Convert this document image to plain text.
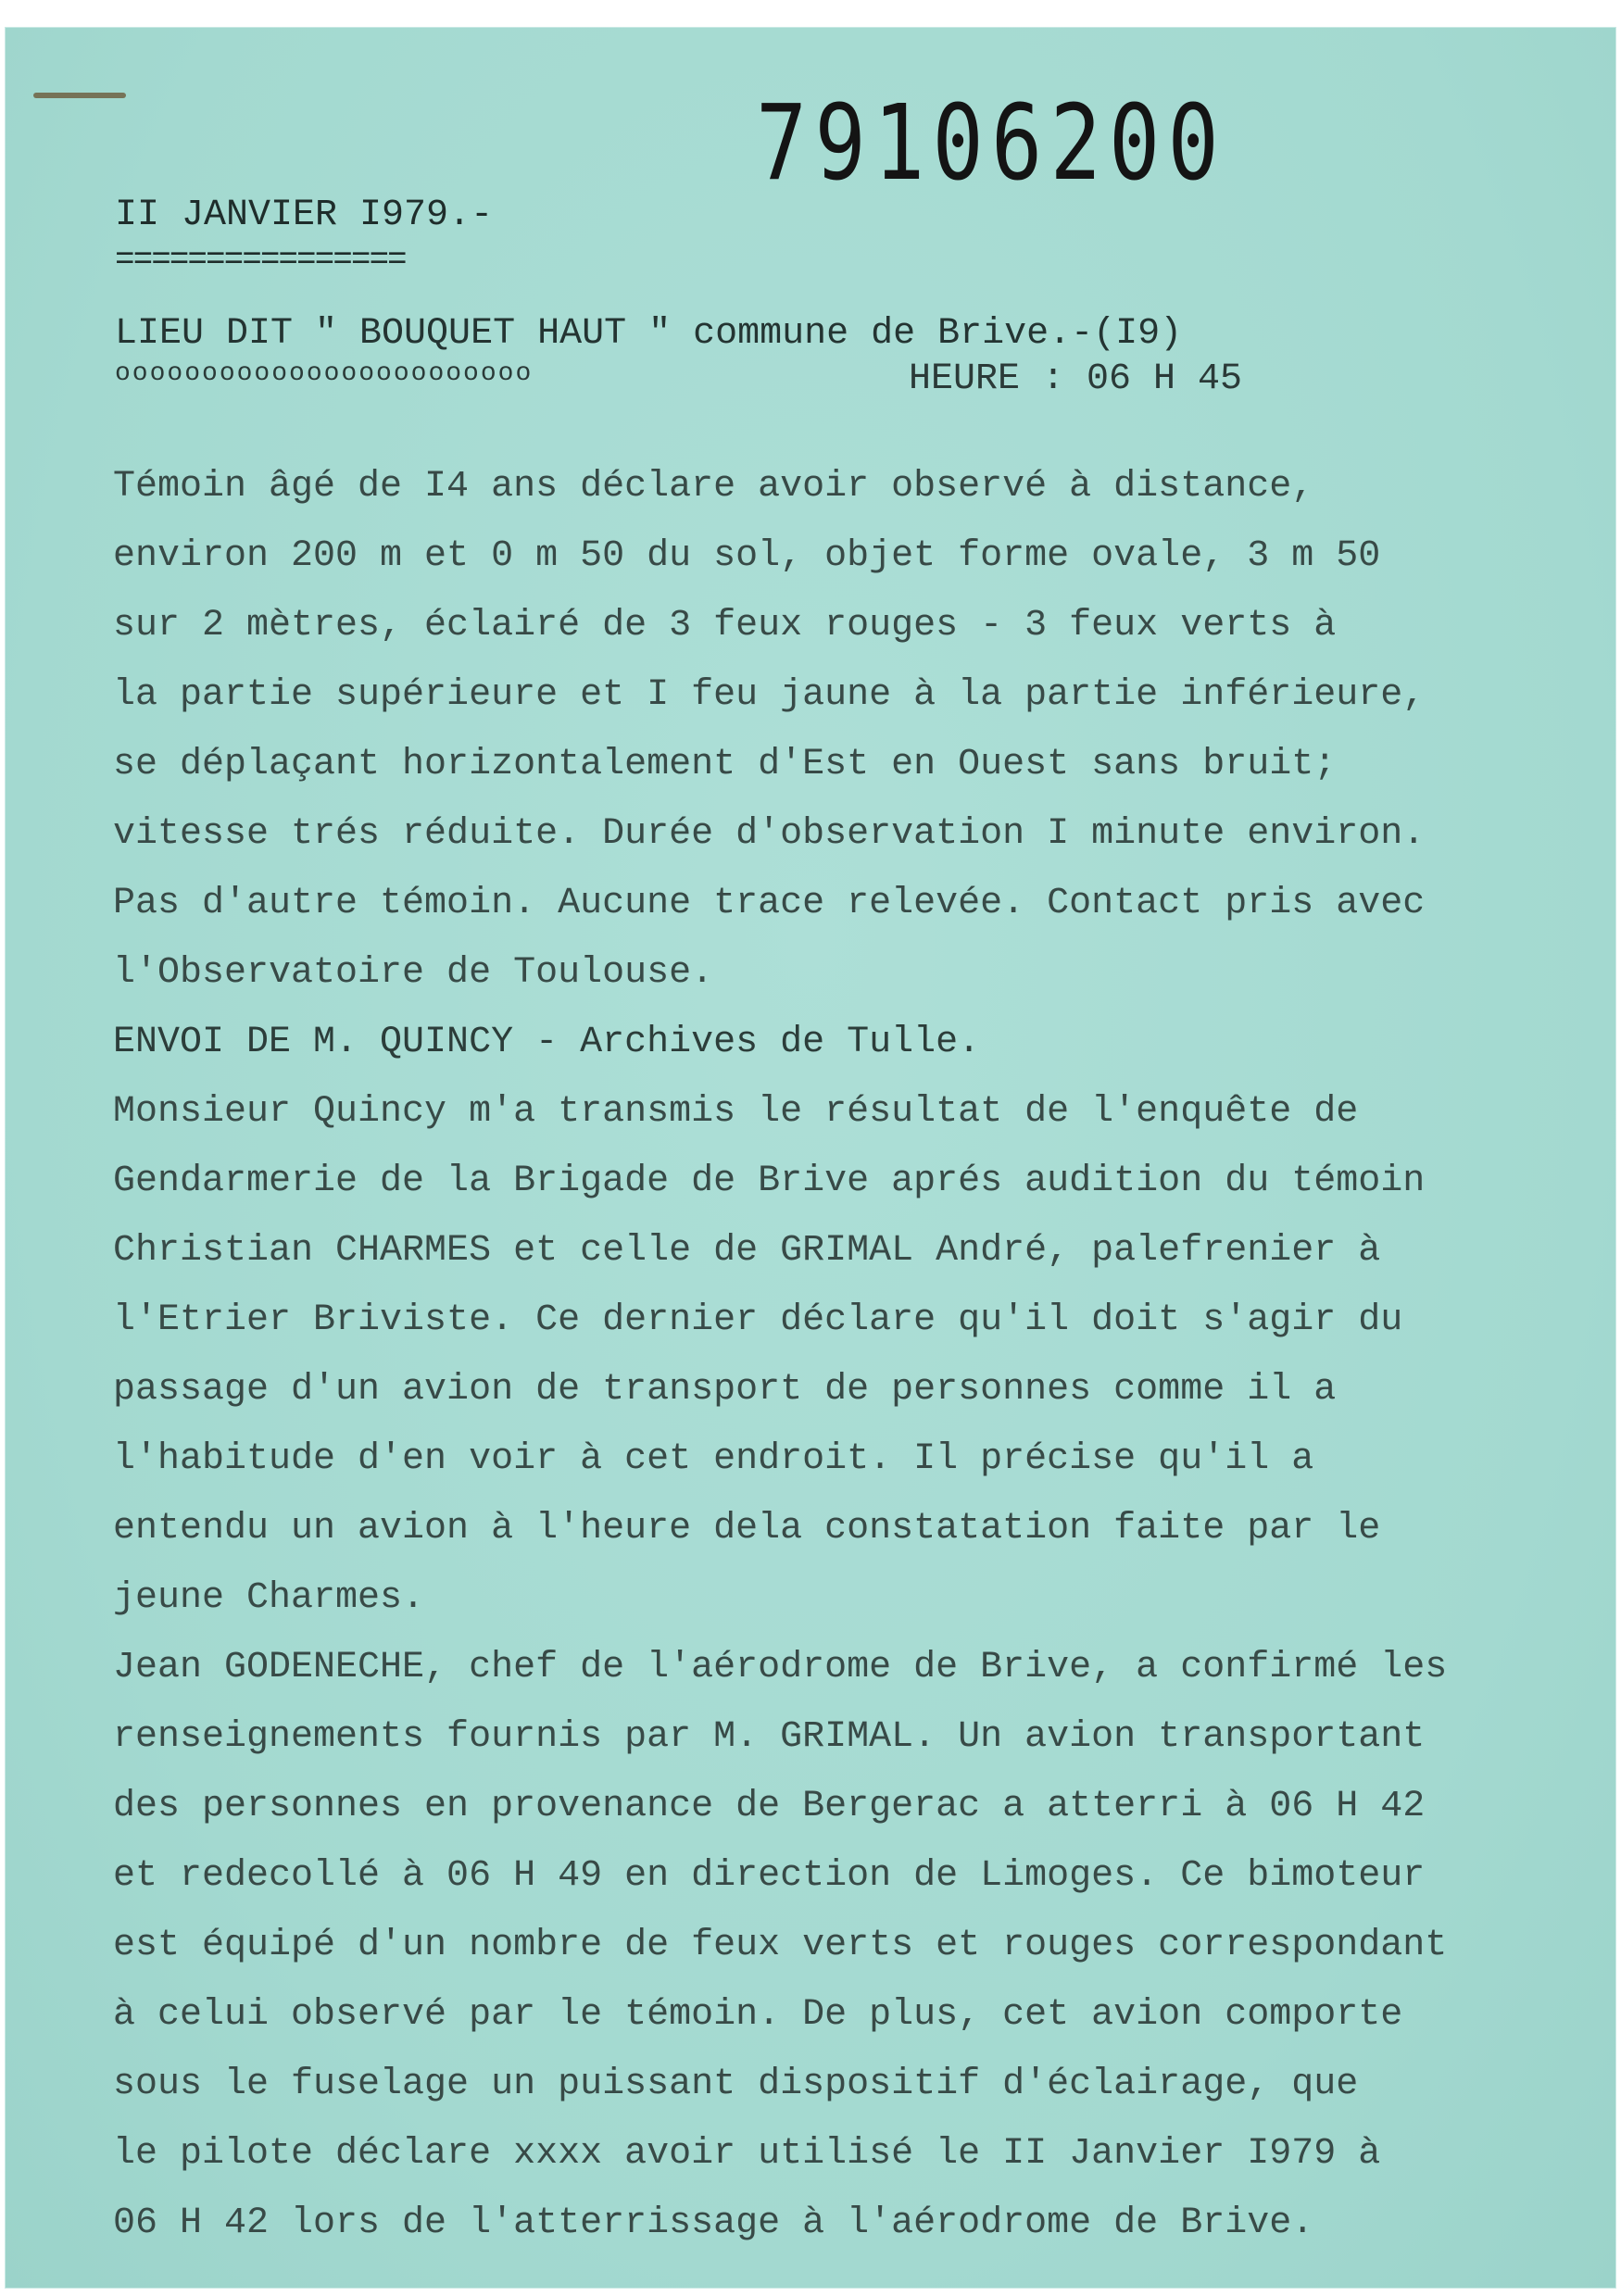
79106200
II JANVIER I979.-
================
LIEU DIT " BOUQUET HAUT " commune de Brive.-(I9)
oooooooooooooooooooooooo	HEURE : 06 H 45
Témoin âgé de I4 ans déclare avoir observé à distance,
environ 200 m et 0 m 50 du sol, objet forme ovale, 3 m 50
sur 2 mètres, éclairé de 3 feux rouges - 3 feux verts à
la partie supérieure et I feu jaune à la partie inférieure,
se déplaçant horizontalement d'Est en Ouest sans bruit;
vitesse trés réduite. Durée d'observation I minute environ.
Pas d'autre témoin. Aucune trace relevée. Contact pris avec
l'Observatoire de Toulouse.
ENVOI DE M. QUINCY - Archives de Tulle.
Monsieur Quincy m'a transmis le résultat de l'enquête de
Gendarmerie de la Brigade de Brive aprés audition du témoin
Christian CHARMES et celle de GRIMAL André, palefrenier à
l'Etrier Briviste. Ce dernier déclare qu'il doit s'agir du
passage d'un avion de transport de personnes comme il a
l'habitude d'en voir à cet endroit. Il précise qu'il a
entendu un avion à l'heure dela constatation faite par le
jeune Charmes.
Jean GODENECHE, chef de l'aérodrome de Brive, a confirmé les
renseignements fournis par M. GRIMAL. Un avion transportant
des personnes en provenance de Bergerac a atterri à 06 H 42
et redecollé à 06 H 49 en direction de Limoges. Ce bimoteur
est équipé d'un nombre de feux verts et rouges correspondant
à celui observé par le témoin. De plus, cet avion comporte
sous le fuselage un puissant dispositif d'éclairage, que
le pilote déclare xxxx avoir utilisé le II Janvier I979 à
06 H 42 lors de l'atterrissage à l'aérodrome de Brive.
